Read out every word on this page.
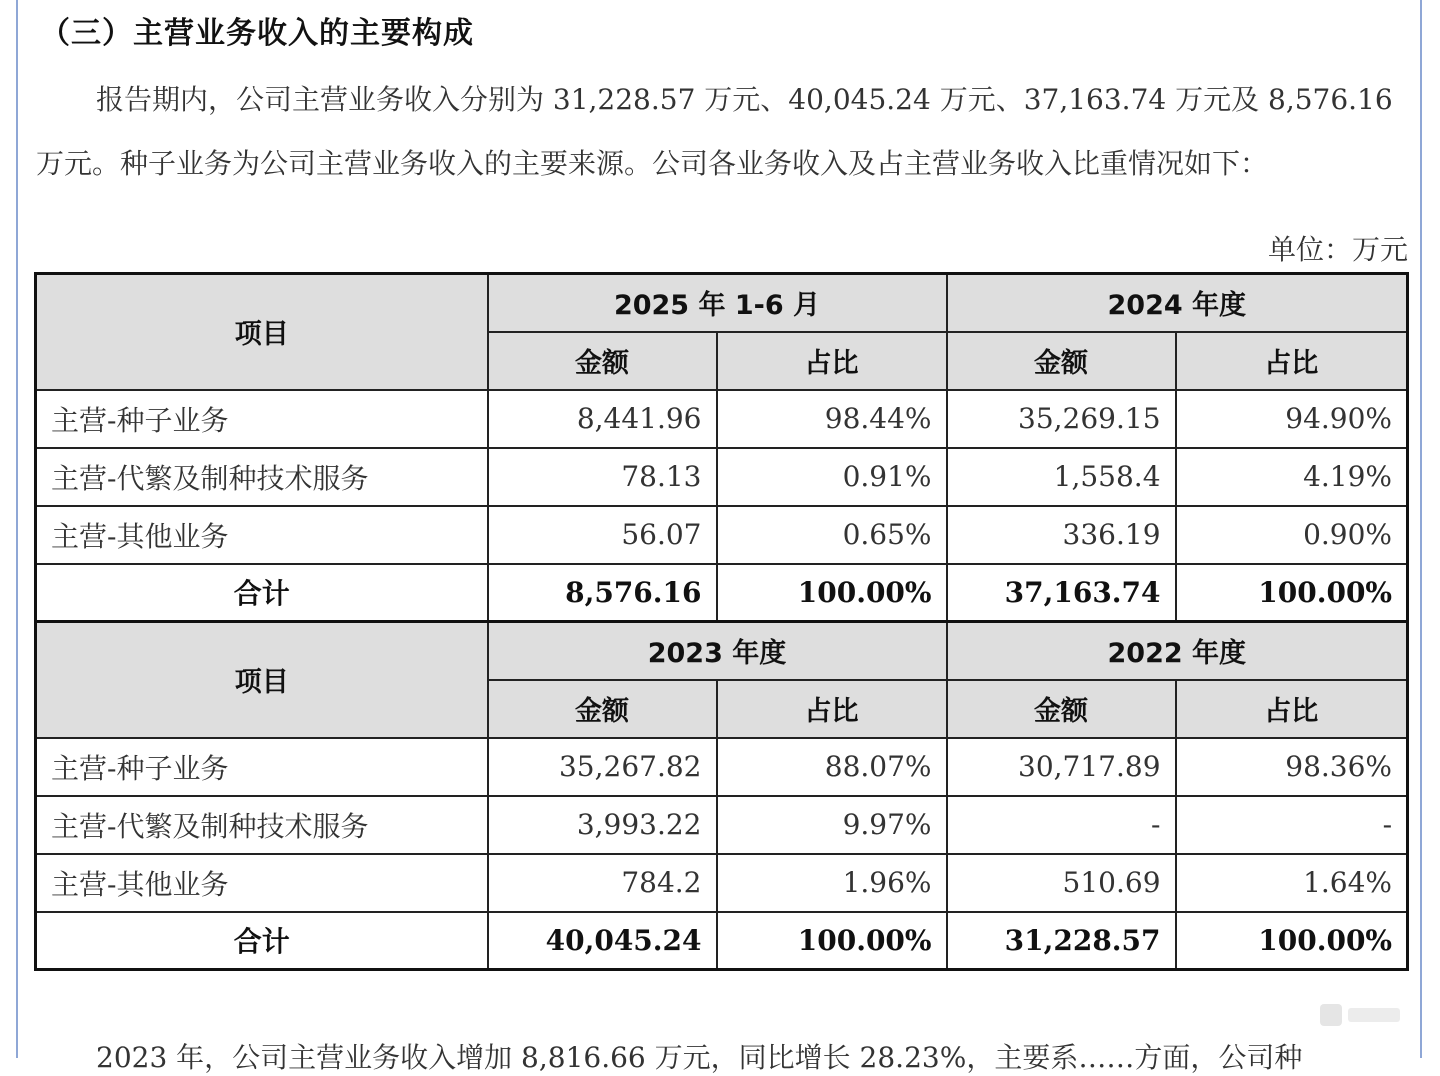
（三）主营业务收入的主要构成
报告期内，公司主营业务收入分别为 31,228.57 万元、40,045.24 万元、37,163.74 万元及 8,576.16
万元。种子业务为公司主营业务收入的主要来源。公司各业务收入及占主营业务收入比重情况如下：
单位：万元
项目	2025 年 1-6 月		2024 年度	
	金额	占比	金额	占比
主营-种子业务	8,441.96	98.44%	35,269.15	94.90%
主营-代繁及制种技术服务	78.13	0.91%	1,558.4	4.19%
主营-其他业务	56.07	0.65%	336.19	0.90%
合计	8,576.16	100.00%	37,163.74	100.00%
项目	2023 年度		2022 年度	
	金额	占比	金额	占比
主营-种子业务	35,267.82	88.07%	30,717.89	98.36%
主营-代繁及制种技术服务	3,993.22	9.97%	-	-
主营-其他业务	784.2	1.96%	510.69	1.64%
合计	40,045.24	100.00%	31,228.57	100.00%
2023 年，公司主营业务收入增加 8,816.66 万元，同比增长 28.23%，主要系……方面，公司种
